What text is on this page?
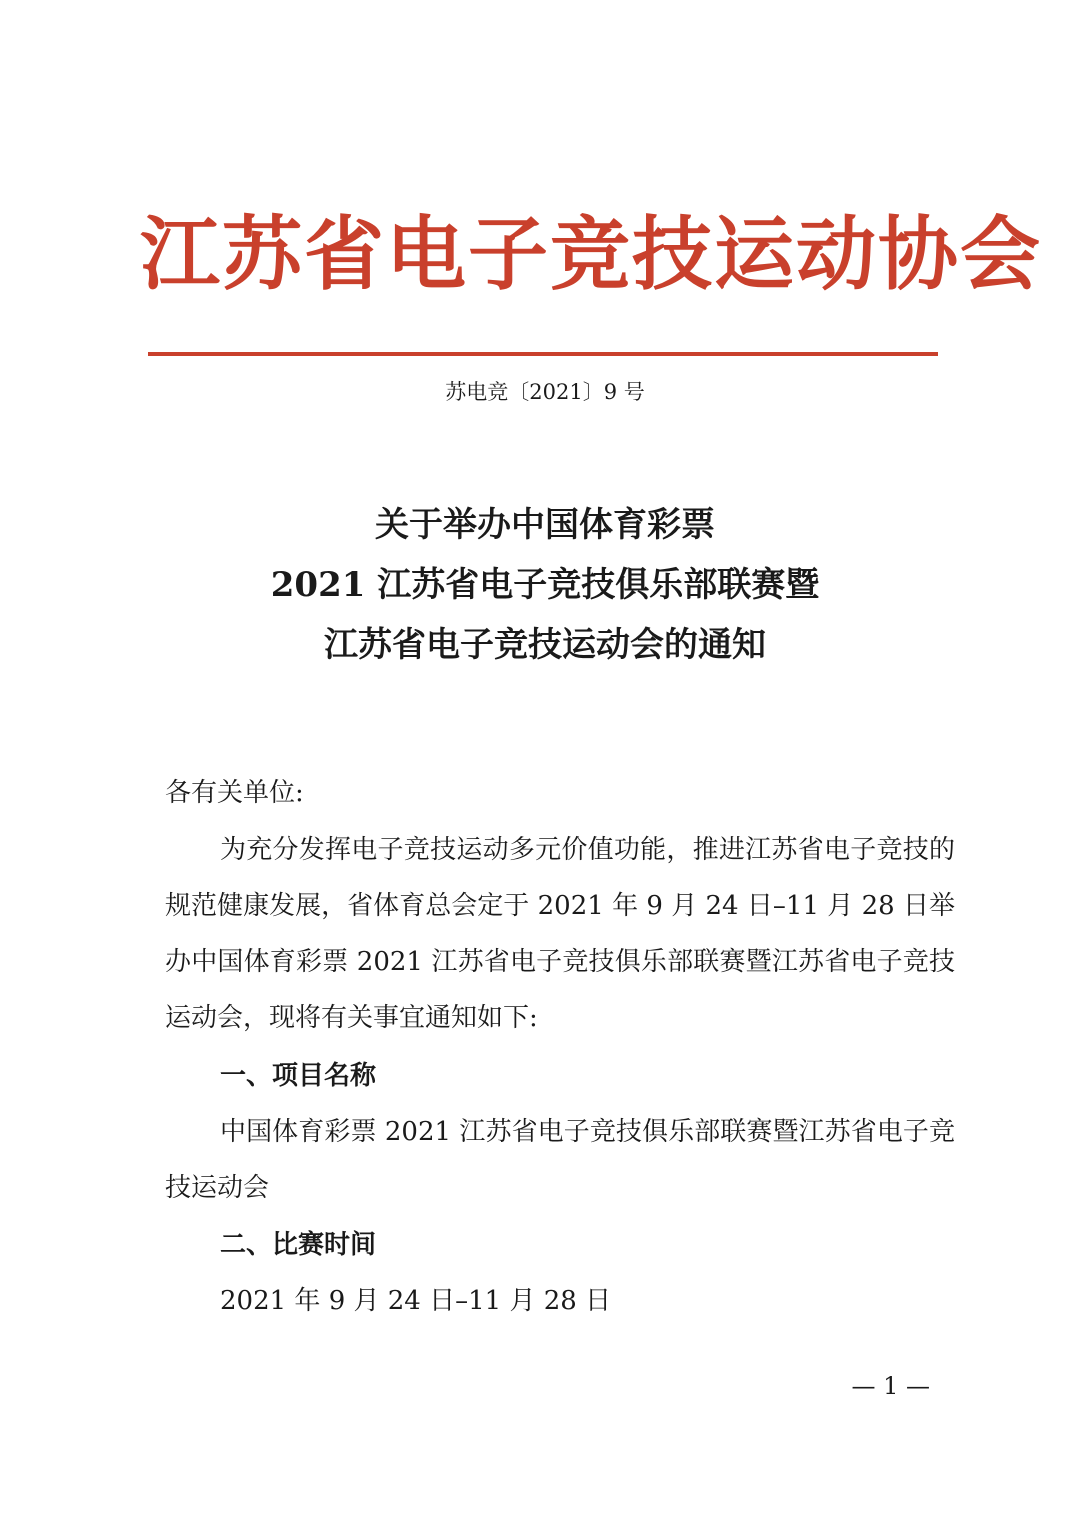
江苏省电子竞技运动协会
苏电竞〔2021〕9 号
关于举办中国体育彩票
2021 江苏省电子竞技俱乐部联赛暨
江苏省电子竞技运动会的通知
各有关单位:
为充分发挥电子竞技运动多元价值功能，推进江苏省电子竞技的规范健康发展，省体育总会定于 2021 年 9 月 24 日–11 月 28 日举办中国体育彩票 2021 江苏省电子竞技俱乐部联赛暨江苏省电子竞技运动会，现将有关事宜通知如下:
一、项目名称
中国体育彩票 2021 江苏省电子竞技俱乐部联赛暨江苏省电子竞技运动会
二、比赛时间
2021 年 9 月 24 日–11 月 28 日
— 1 —
